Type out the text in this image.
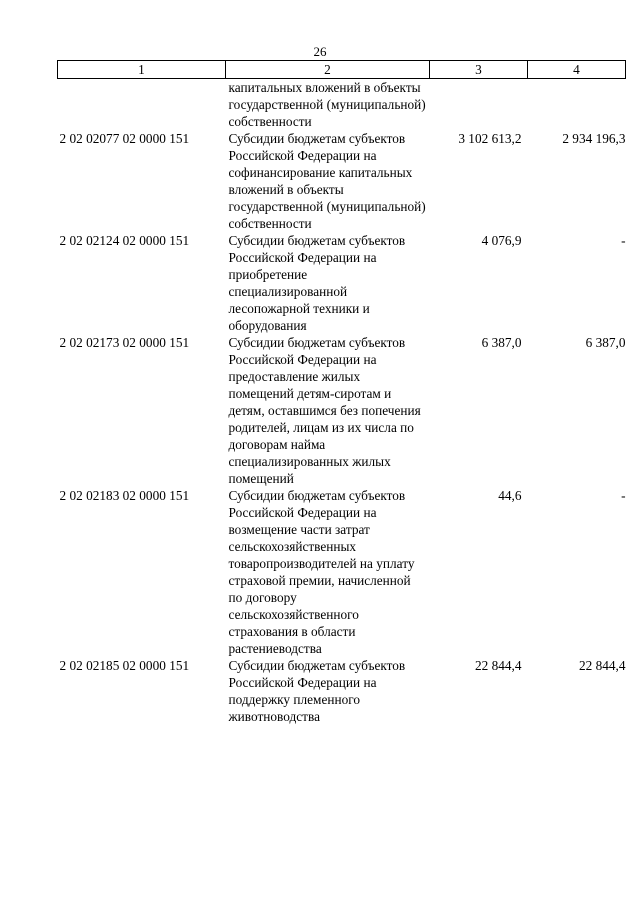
26
1	2	3	4
	капитальных вложений в объекты государственной (муниципальной) собственности		
2 02 02077 02 0000 151	Субсидии бюджетам субъектов Российской Федерации на софинансирование капитальных вложений в объекты государственной (муниципальной) собственности	3 102 613,2	2 934 196,3
2 02 02124 02 0000 151	Субсидии бюджетам субъектов Российской Федерации на приобретение специализированной лесопожарной техники и оборудования	4 076,9	-
2 02 02173 02 0000 151	Субсидии бюджетам субъектов Российской Федерации на предоставление жилых помещений детям-сиротам и детям, оставшимся без попечения родителей, лицам из их числа по договорам найма специализированных жилых помещений	6 387,0	6 387,0
2 02 02183 02 0000 151	Субсидии бюджетам субъектов Российской Федерации на возмещение части затрат сельскохозяйственных товаропроизводителей на уплату страховой премии, начисленной по договору сельскохозяйственного страхования в области растениеводства	44,6	-
2 02 02185 02 0000 151	Субсидии бюджетам субъектов Российской Федерации на поддержку племенного животноводства	22 844,4	22 844,4
